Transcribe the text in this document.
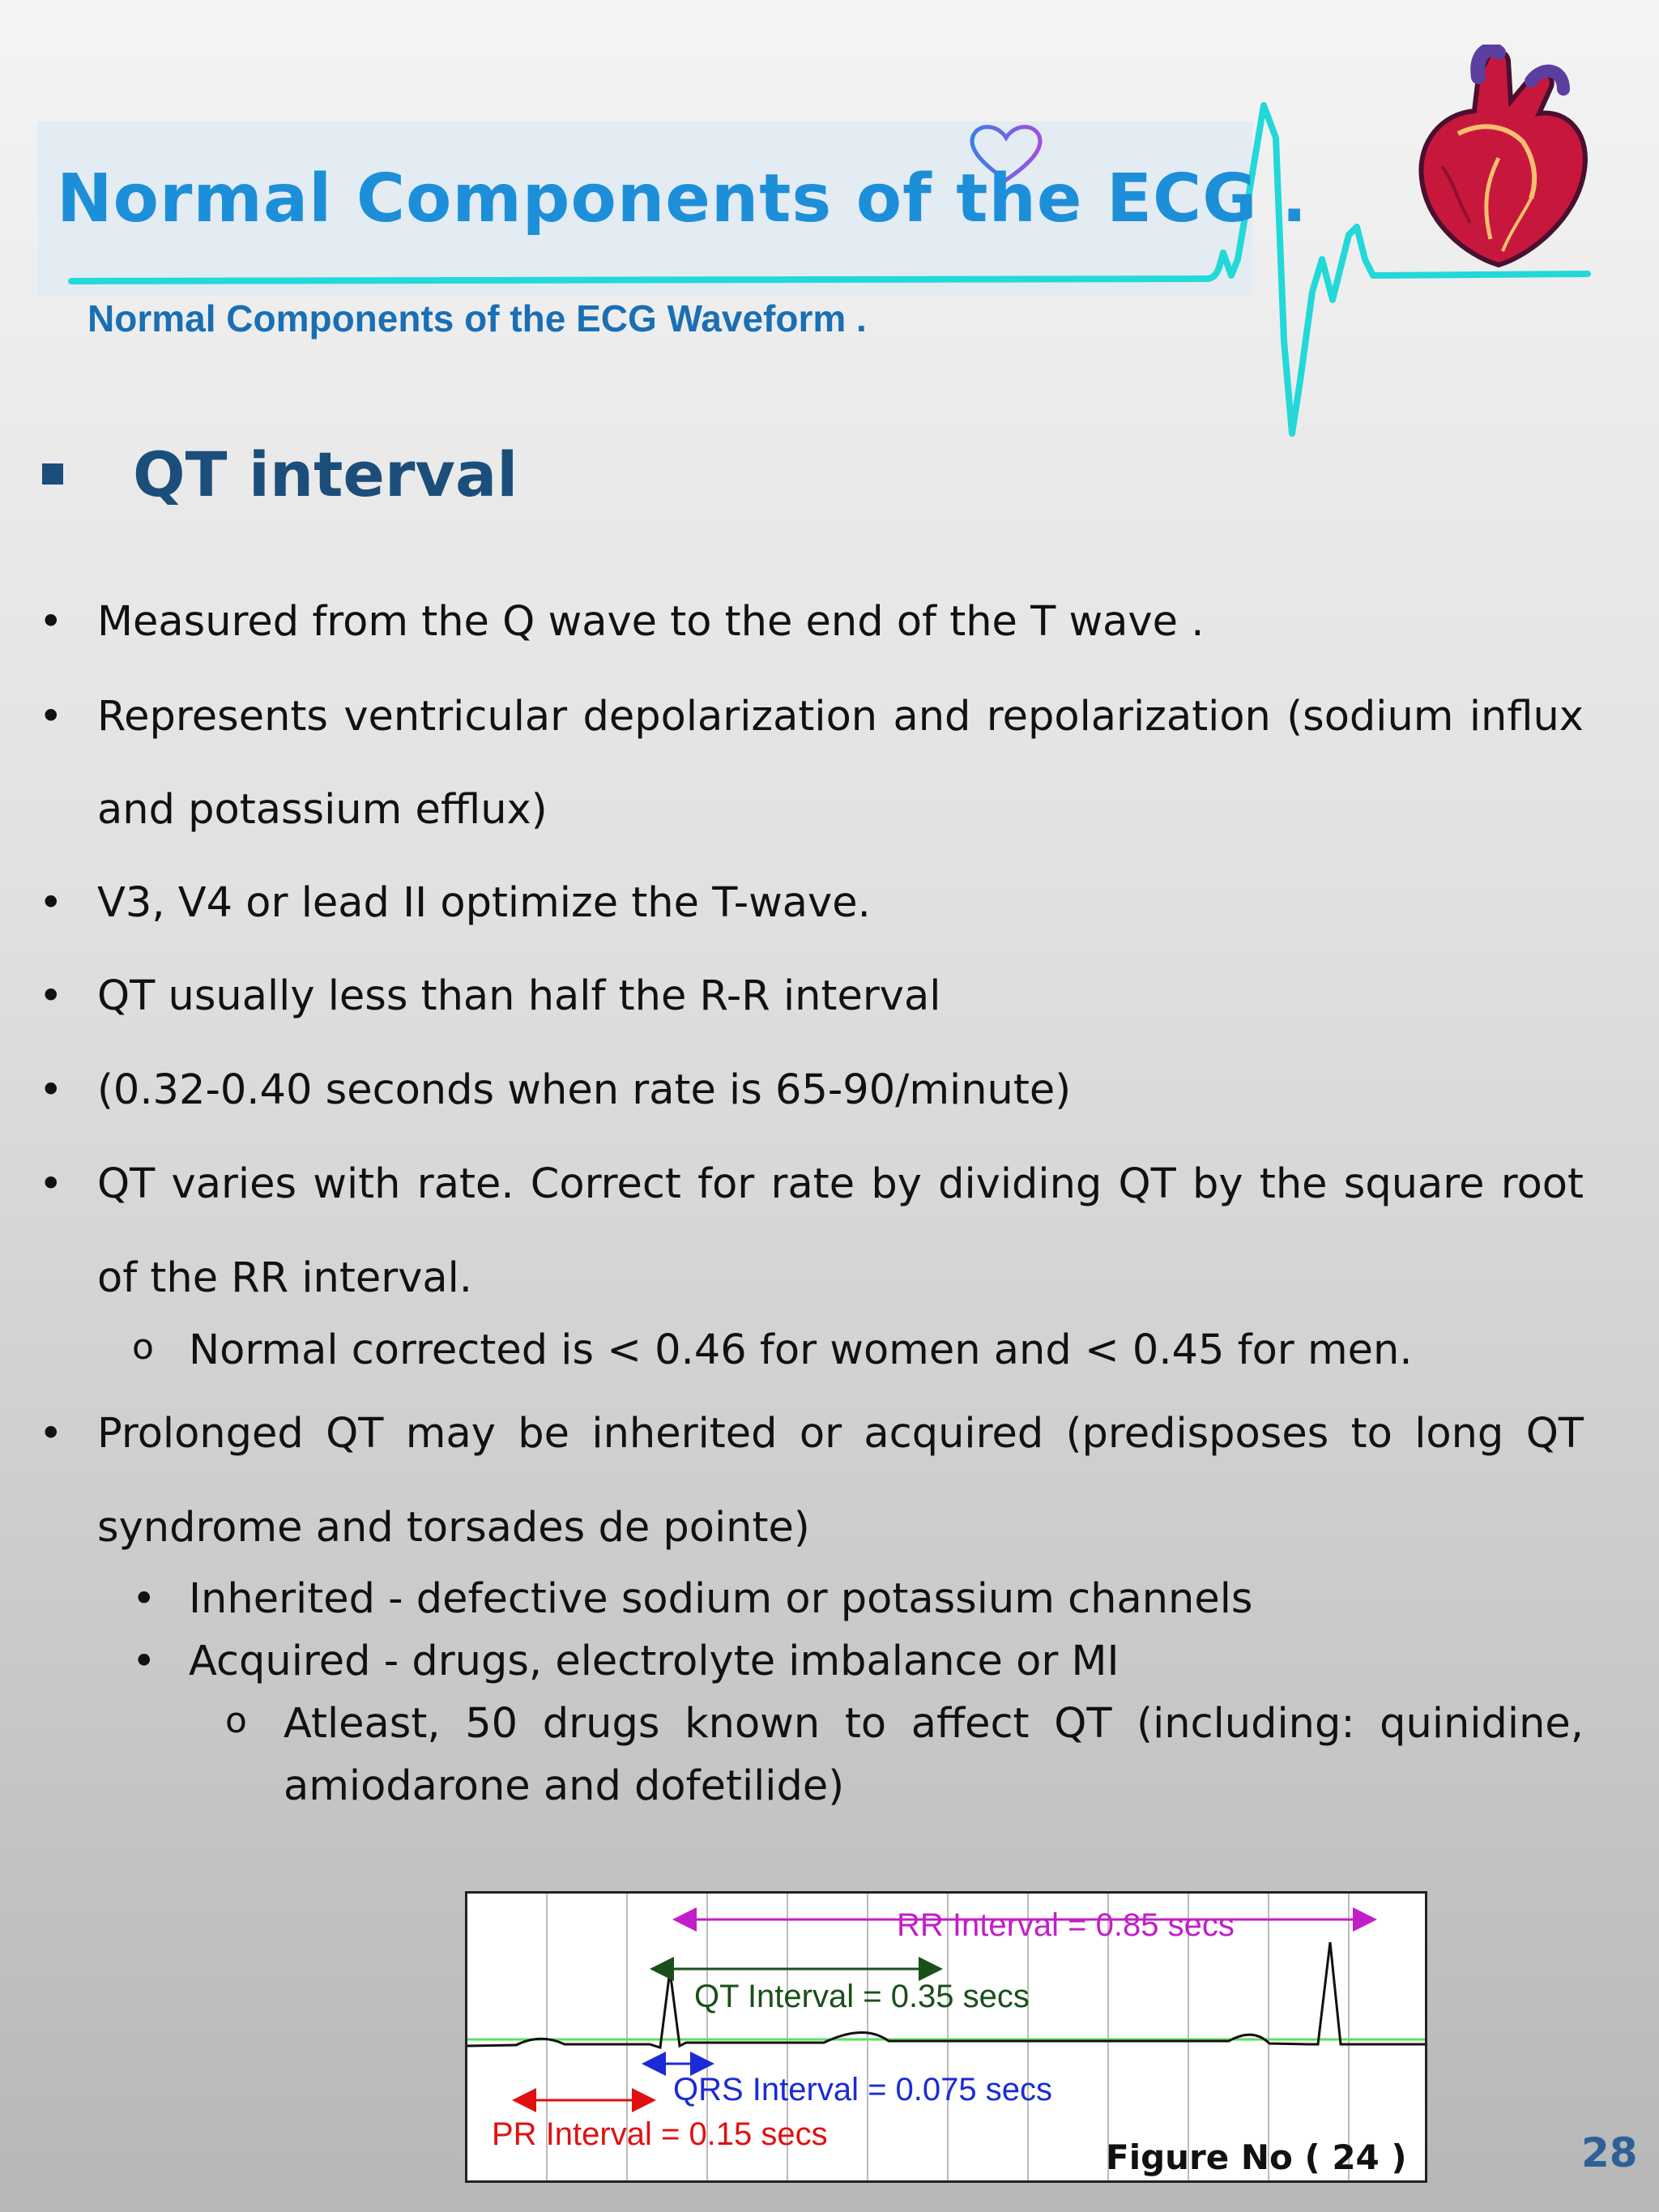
Normal Components of the ECG .
Normal Components of the ECG Waveform .
QT interval
• Measured from the Q wave to the end of the T wave .
• Represents ventricular depolarization and repolarization (sodium influx
and potassium efflux)
• V3, V4 or lead II optimize the T-wave.
• QT usually less than half the R-R interval
• (0.32-0.40 seconds when rate is 65-90/minute)
• QT varies with rate. Correct for rate by dividing QT by the square root
of the RR interval.
o Normal corrected is < 0.46 for women and < 0.45 for men.
• Prolonged QT may be inherited or acquired (predisposes to long QT
syndrome and torsades de pointe)
• Inherited - defective sodium or potassium channels
• Acquired - drugs, electrolyte imbalance or MI
o Atleast, 50 drugs known to affect QT (including: quinidine,
amiodarone and dofetilide)
RR Interval = 0.85 secs
QT Interval = 0.35 secs
QRS Interval = 0.075 secs
PR Interval = 0.15 secs
Figure No ( 24 )	28
